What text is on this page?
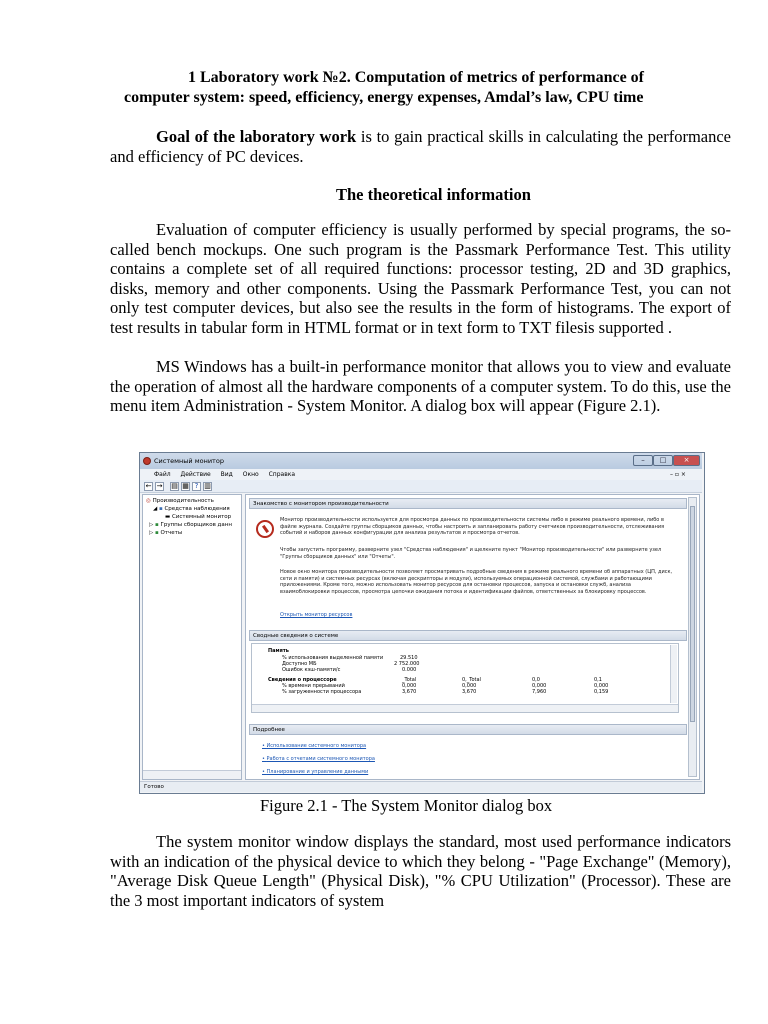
1 Laboratory work №2. Computation of metrics of performance of
computer system: speed, efficiency, energy expenses, Amdal’s law, CPU time
Goal of the laboratory work is to gain practical skills in calculating the performance and efficiency of PC devices.
The theoretical information
Evaluation of computer efficiency is usually performed by special programs, the so-called bench mockups. One such program is the Passmark Performance Test. This utility contains a complete set of all required functions: processor testing, 2D and 3D graphics, disks, memory and other components. Using the Passmark Performance Test, you can not only test computer devices, but also see the results in the form of histograms. The export of test results in tabular form in HTML format or in text form to TXT filesis supported .
MS Windows has a built-in performance monitor that allows you to view and evaluate the operation of almost all the hardware components of a computer system. To do this, use the menu item Administration - System Monitor. A dialog box will appear (Figure 2.1).
Системный монитор	–	□	×
Файл Действие Вид Окно Справка	– ▫ ×
← → ▤ ▦ ? ▥
◎ Производительность
◢ ▪ Средства наблюдения
▬ Системный монитор
▷ ▪ Группы сборщиков данн
▷ ▪ Отчеты
Знакомство с монитором производительности
Монитор производительности используется для просмотра данных по производительности системы либо в режиме реального времени, либо в файле журнала. Создайте группы сборщиков данных, чтобы настроить и запланировать работу счетчиков производительности, отслеживания событий и наборов данных конфигурации для анализа результатов и просмотра отчетов.
Чтобы запустить программу, разверните узел "Средства наблюдения" и щелкните пункт "Монитор производительности" или разверните узел "Группы сборщиков данных" или "Отчеты".
Новое окно монитора производительности позволяет просматривать подробные сведения в режиме реального времени об аппаратных (ЦП, диск, сети и памяти) и системных ресурсах (включая дескрипторы и модули), используемых операционной системой, службами и работающими приложениями. Кроме того, можно использовать монитор ресурсов для остановки процессов, запуска и остановки служб, анализа взаимоблокировки процессов, просмотра цепочки ожидания потока и идентификации файлов, ответственных за блокировку процессов.
Открыть монитор ресурсов
Сводные сведения о системе
Память
% использования выделенной памяти	29.510
Доступно МБ	2 752.000
Ошибок кэш-памяти/с	0.000
Сведения о процессоре	_Total	0,_Total	0,0	0,1
% времени прерываний	0,000	0,000	0,000	0,000
% загруженности процессора	3,670	3,670	7,960	0,159
Подробнее
• Использование системного монитора
• Работа с отчетами системного монитора
• Планирование и управление данными
Готово
Figure 2.1 - The System Monitor dialog box
The system monitor window displays the standard, most used performance indicators with an indication of the physical device to which they belong - "Page Exchange" (Memory), "Average Disk Queue Length" (Physical Disk), "% CPU Utilization" (Processor). These are the 3 most important indicators of system
